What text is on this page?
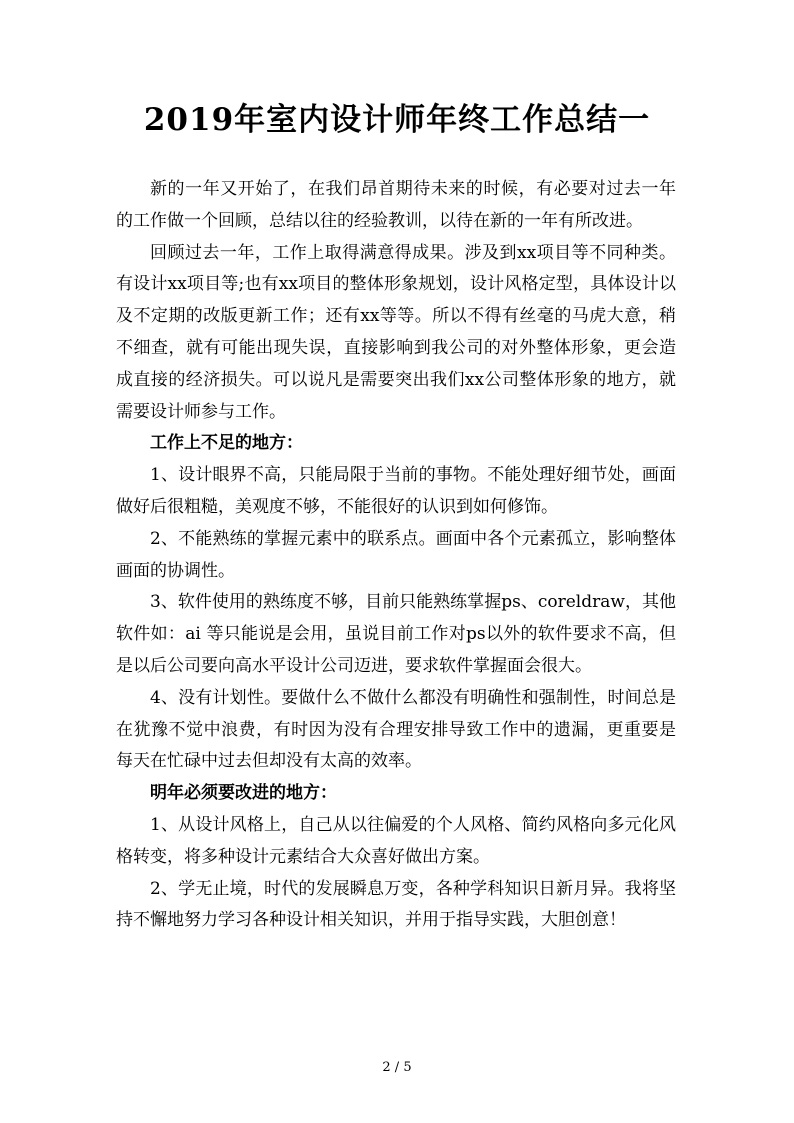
2019年室内设计师年终工作总结一

新的一年又开始了，在我们昂首期待未来的时候，有必要对过去一年的工作做一个回顾，总结以往的经验教训，以待在新的一年有所改进。

回顾过去一年，工作上取得满意得成果。涉及到xx项目等不同种类。有设计xx项目等;也有xx项目的整体形象规划，设计风格定型，具体设计以及不定期的改版更新工作；还有xx等等。所以不得有丝毫的马虎大意，稍不细查，就有可能出现失误，直接影响到我公司的对外整体形象，更会造成直接的经济损失。可以说凡是需要突出我们xx公司整体形象的地方，就需要设计师参与工作。

工作上不足的地方：

1、设计眼界不高，只能局限于当前的事物。不能处理好细节处，画面做好后很粗糙，美观度不够，不能很好的认识到如何修饰。

2、不能熟练的掌握元素中的联系点。画面中各个元素孤立，影响整体画面的协调性。

3、软件使用的熟练度不够，目前只能熟练掌握ps、coreldraw，其他软件如：ai 等只能说是会用，虽说目前工作对ps以外的软件要求不高，但是以后公司要向高水平设计公司迈进，要求软件掌握面会很大。

4、没有计划性。要做什么不做什么都没有明确性和强制性，时间总是在犹豫不觉中浪费，有时因为没有合理安排导致工作中的遗漏，更重要是每天在忙碌中过去但却没有太高的效率。

明年必须要改进的地方：

1、从设计风格上，自己从以往偏爱的个人风格、简约风格向多元化风格转变，将多种设计元素结合大众喜好做出方案。

2、学无止境，时代的发展瞬息万变，各种学科知识日新月异。我将坚持不懈地努力学习各种设计相关知识，并用于指导实践，大胆创意！

2 / 5
